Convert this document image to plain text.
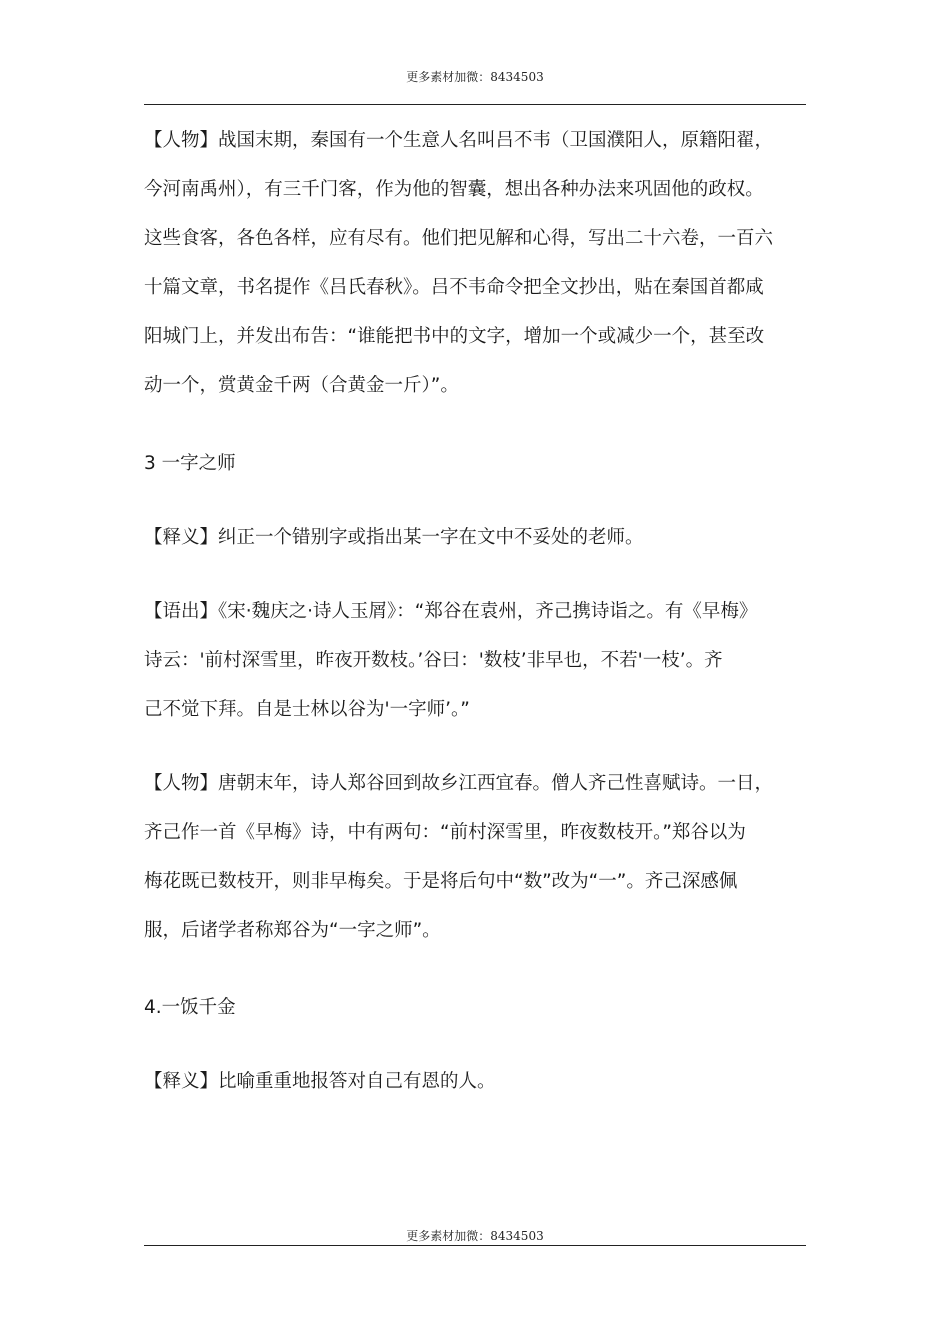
更多素材加微：8434503
【人物】战国末期，秦国有一个生意人名叫吕不韦（卫国濮阳人，原籍阳翟，
今河南禹州），有三千门客，作为他的智囊，想出各种办法来巩固他的政权。
这些食客，各色各样，应有尽有。他们把见解和心得，写出二十六卷，一百六
十篇文章，书名提作《吕氏春秋》。吕不韦命令把全文抄出，贴在秦国首都咸
阳城门上，并发出布告：“谁能把书中的文字，增加一个或减少一个，甚至改
动一个，赏黄金千两（合黄金一斤）”。
3 一字之师
【释义】纠正一个错别字或指出某一字在文中不妥处的老师。
【语出】《宋·魏庆之·诗人玉屑》：“郑谷在袁州，齐己携诗诣之。有《早梅》
诗云：'前村深雪里，昨夜开数枝。’谷曰：'数枝’非早也，不若'一枝’。齐
己不觉下拜。自是士林以谷为'一字师’。”
【人物】唐朝末年，诗人郑谷回到故乡江西宜春。僧人齐己性喜赋诗。一日，
齐己作一首《早梅》诗，中有两句：“前村深雪里，昨夜数枝开。”郑谷以为
梅花既已数枝开，则非早梅矣。于是将后句中“数”改为“一”。齐己深感佩
服，后诸学者称郑谷为“一字之师”。
4.一饭千金
【释义】比喻重重地报答对自己有恩的人。
更多素材加微：8434503
